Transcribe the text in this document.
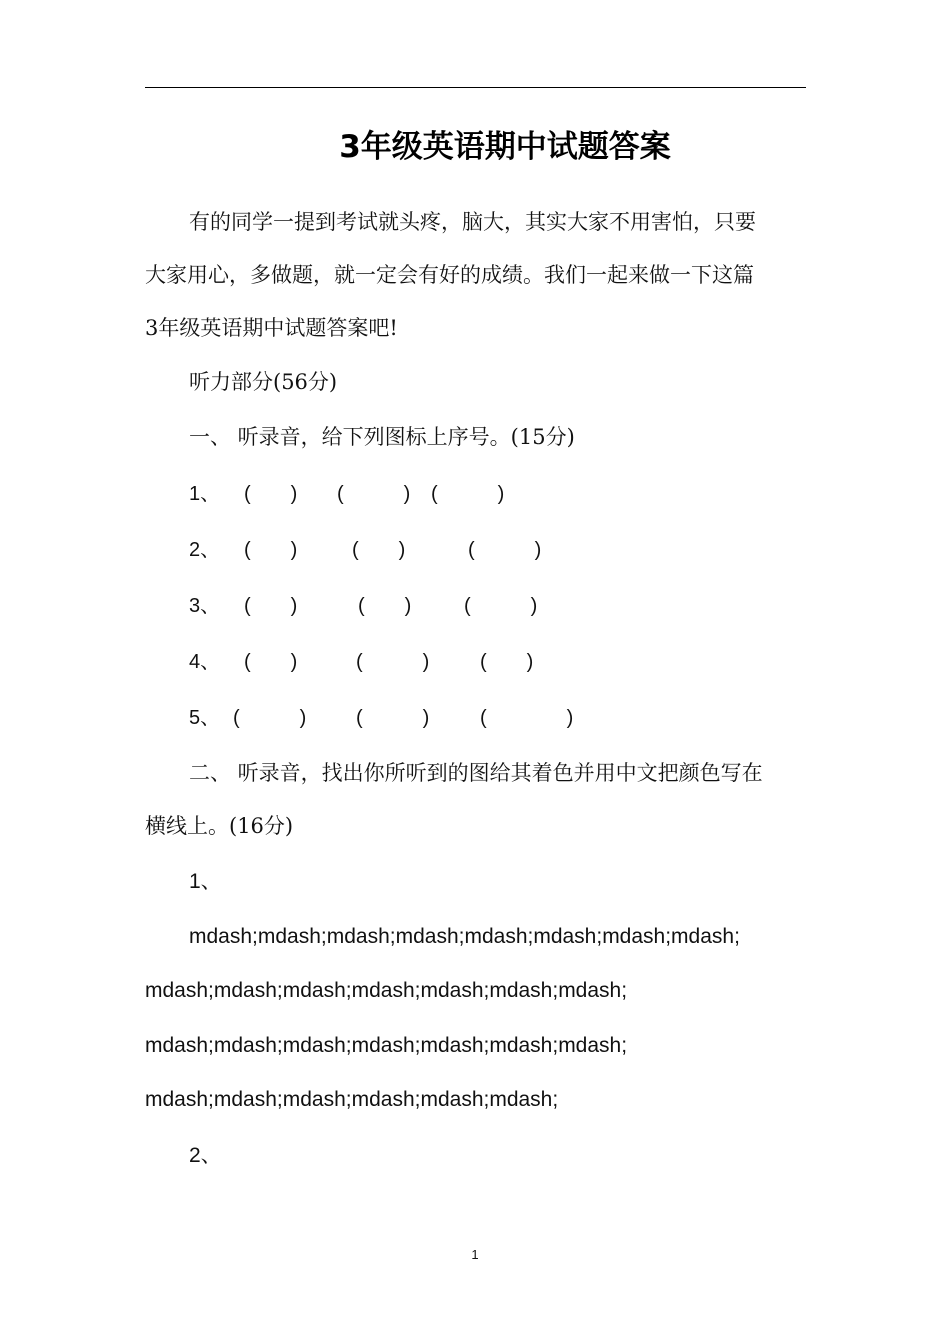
3年级英语期中试题答案
有的同学一提到考试就头疼，脑大，其实大家不用害怕，只要
大家用心，多做题，就一定会有好的成绩。我们一起来做一下这篇
3年级英语期中试题答案吧!
听力部分(56分)
一、 听录音，给下列图标上序号。(15分)
1、 (　　) (　　　) (　　　)
2、 (　　)	(　　)	(　　　)
3、 (　　)	(　　)	(　　　)
4、 (　　)	(　　　)	(　　)
5、 (　　　) (　　　)	(　　　　)
二、 听录音，找出你所听到的图给其着色并用中文把颜色写在
横线上。(16分)
1、
mdash;mdash;mdash;mdash;mdash;mdash;mdash;mdash;
mdash;mdash;mdash;mdash;mdash;mdash;mdash;
mdash;mdash;mdash;mdash;mdash;mdash;mdash;
mdash;mdash;mdash;mdash;mdash;mdash;
2、
1
